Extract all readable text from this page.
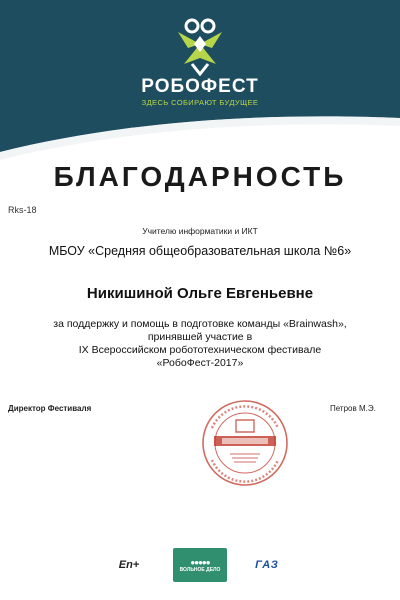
РОБОФЕСТ
ЗДЕСЬ СОБИРАЮТ БУДУЩЕЕ
БЛАГОДАРНОСТЬ
Rks-18
Учителю информатики и ИКТ
МБОУ «Средняя общеобразовательная школа №6»
Никишиной Ольге Евгеньевне
за поддержку и помощь в подготовке команды «Brainwash»,
принявшей участие в
IX Всероссийском робототехническом фестивале
«РобоФест-2017»
Директор Фестиваля	Петров М.Э.
En+	●●●●●
ВОЛЬНОЕ ДЕЛО	ГАЗ
